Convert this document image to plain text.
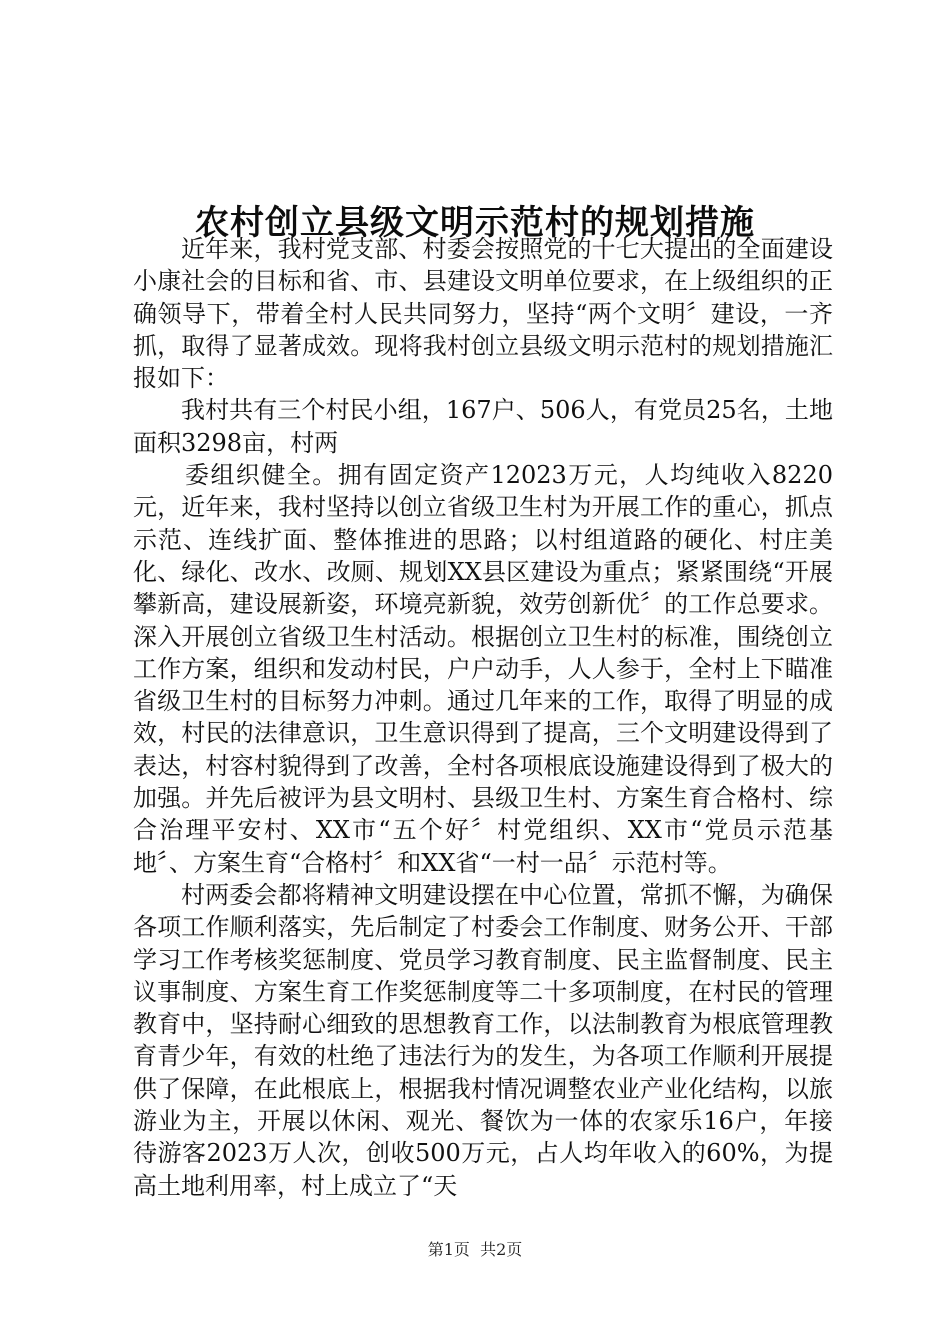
农村创立县级文明示范村的规划措施

近年来，我村党支部、村委会按照党的十七大提出的全面建设小康社会的目标和省、市、县建设文明单位要求，在上级组织的正确领导下，带着全村人民共同努力，坚持“两个文明〞建设，一齐抓，取得了显著成效。现将我村创立县级文明示范村的规划措施汇报如下：

我村共有三个村民小组，167户、506人，有党员25名，土地面积3298亩，村两

委组织健全。拥有固定资产12023万元，人均纯收入8220元，近年来，我村坚持以创立省级卫生村为开展工作的重心，抓点示范、连线扩面、整体推进的思路；以村组道路的硬化、村庄美化、绿化、改水、改厕、规划XX县区建设为重点；紧紧围绕“开展攀新高，建设展新姿，环境亮新貌，效劳创新优〞的工作总要求。深入开展创立省级卫生村活动。根据创立卫生村的标准，围绕创立工作方案，组织和发动村民，户户动手，人人参于，全村上下瞄准省级卫生村的目标努力冲刺。通过几年来的工作，取得了明显的成效，村民的法律意识，卫生意识得到了提高，三个文明建设得到了表达，村容村貌得到了改善，全村各项根底设施建设得到了极大的加强。并先后被评为县文明村、县级卫生村、方案生育合格村、综合治理平安村、XX市“五个好〞村党组织、XX市“党员示范基地〞、方案生育“合格村〞和XX省“一村一品〞示范村等。

村两委会都将精神文明建设摆在中心位置，常抓不懈，为确保各项工作顺利落实，先后制定了村委会工作制度、财务公开、干部学习工作考核奖惩制度、党员学习教育制度、民主监督制度、民主议事制度、方案生育工作奖惩制度等二十多项制度，在村民的管理教育中，坚持耐心细致的思想教育工作，以法制教育为根底管理教育青少年，有效的杜绝了违法行为的发生，为各项工作顺利开展提供了保障，在此根底上，根据我村情况调整农业产业化结构，以旅游业为主，开展以休闲、观光、餐饮为一体的农家乐16户，年接待游客2023万人次，创收500万元，占人均年收入的60%，为提高土地利用率，村上成立了“天

第1页 共2页
